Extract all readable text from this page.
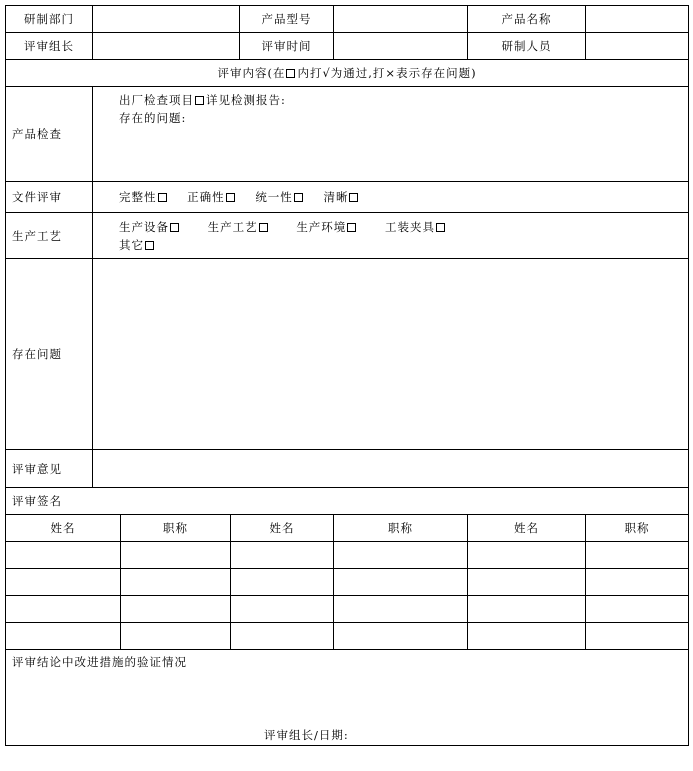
研制部门				产品型号		产品名称	
评审组长				评审时间		研制人员	
评审内容(在 内打√为通过,打×表示存在问题)							
产品检查	出厂检查项目 详见检测报告:
存在的问题:						

文件评审	完整性 正确性 统一性 清晰						
生产工艺	生产设备 生产工艺 生产环境 工装夹具
其它						

存在问题							
评审意见							
评审签名							
姓名		职称	姓名		职称	姓名	职称

评审结论中改进措施的验证情况
评审组长/日期:							
